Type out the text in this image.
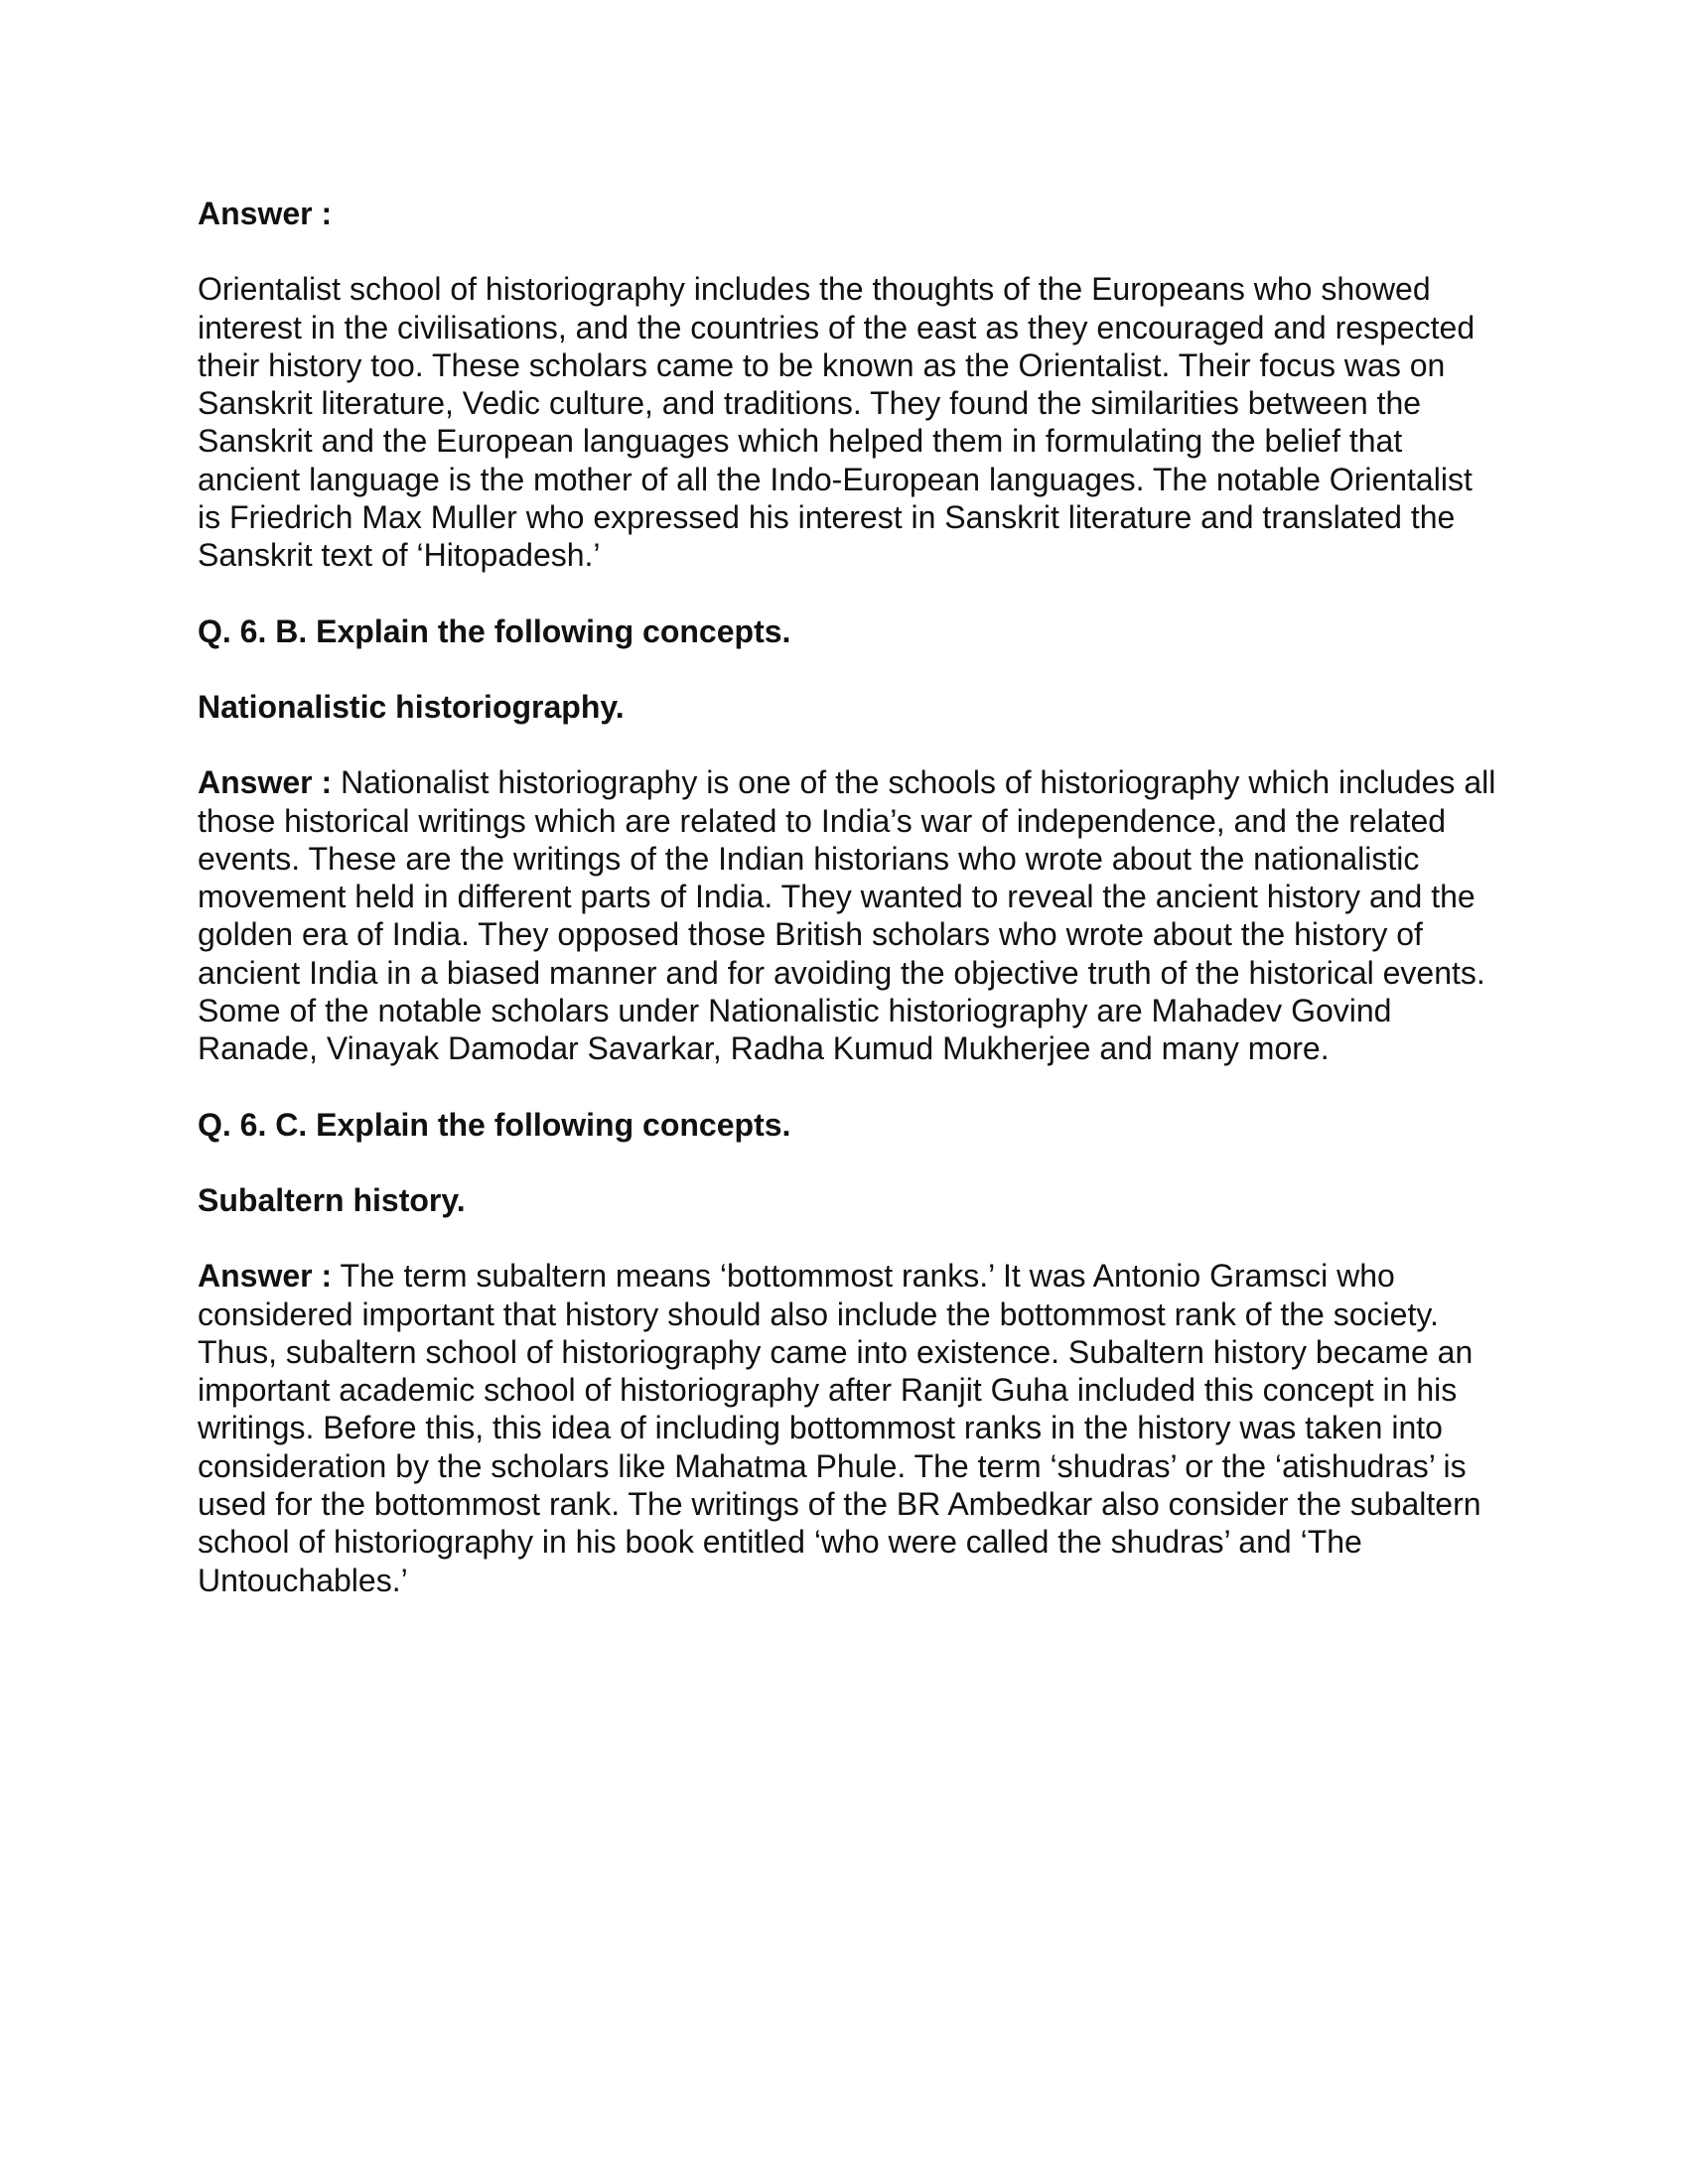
Answer :

Orientalist school of historiography includes the thoughts of the Europeans who showed interest in the civilisations, and the countries of the east as they encouraged and respected their history too. These scholars came to be known as the Orientalist. Their focus was on Sanskrit literature, Vedic culture, and traditions. They found the similarities between the Sanskrit and the European languages which helped them in formulating the belief that ancient language is the mother of all the Indo-European languages. The notable Orientalist is Friedrich Max Muller who expressed his interest in Sanskrit literature and translated the Sanskrit text of ‘Hitopadesh.’

Q. 6. B. Explain the following concepts.

Nationalistic historiography.

Answer : Nationalist historiography is one of the schools of historiography which includes all those historical writings which are related to India’s war of independence, and the related events. These are the writings of the Indian historians who wrote about the nationalistic movement held in different parts of India. They wanted to reveal the ancient history and the golden era of India. They opposed those British scholars who wrote about the history of ancient India in a biased manner and for avoiding the objective truth of the historical events. Some of the notable scholars under Nationalistic historiography are Mahadev Govind Ranade, Vinayak Damodar Savarkar, Radha Kumud Mukherjee and many more.

Q. 6. C. Explain the following concepts.

Subaltern history.

Answer : The term subaltern means ‘bottommost ranks.’ It was Antonio Gramsci who considered important that history should also include the bottommost rank of the society. Thus, subaltern school of historiography came into existence. Subaltern history became an important academic school of historiography after Ranjit Guha included this concept in his writings. Before this, this idea of including bottommost ranks in the history was taken into consideration by the scholars like Mahatma Phule. The term ‘shudras’ or the ‘atishudras’ is used for the bottommost rank. The writings of the BR Ambedkar also consider the subaltern school of historiography in his book entitled ‘who were called the shudras’ and ‘The Untouchables.’
